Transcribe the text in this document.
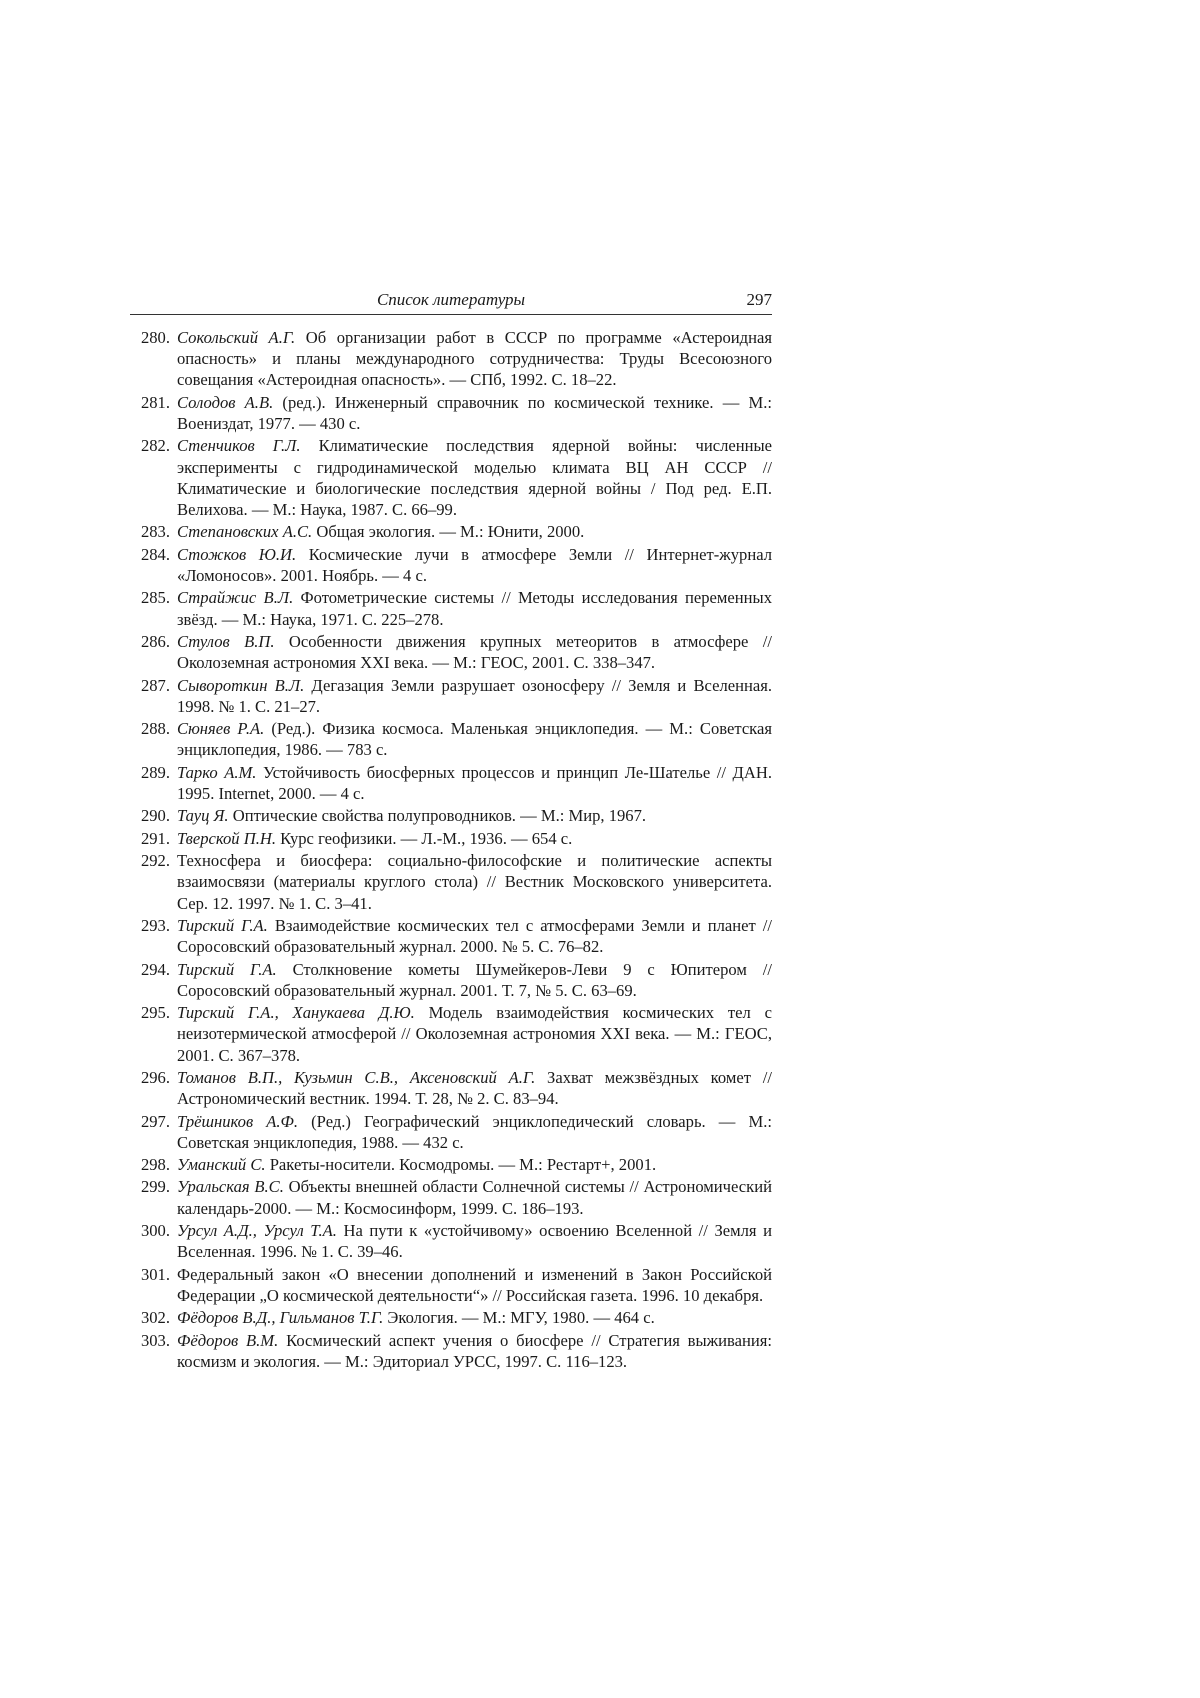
Список литературы	297
280. Сокольский А.Г. Об организации работ в СССР по программе «Астероидная опасность» и планы международного сотрудничества: Труды Всесоюзного совещания «Астероидная опасность». — СПб, 1992. С. 18–22.
281. Солодов А.В. (ред.). Инженерный справочник по космической технике. — М.: Воениздат, 1977. — 430 с.
282. Стенчиков Г.Л. Климатические последствия ядерной войны: численные эксперименты с гидродинамической моделью климата ВЦ АН СССР // Климатические и биологические последствия ядерной войны / Под ред. Е.П. Велихова. — М.: Наука, 1987. С. 66–99.
283. Степановских А.С. Общая экология. — М.: Юнити, 2000.
284. Стожков Ю.И. Космические лучи в атмосфере Земли // Интернет-журнал «Ломоносов». 2001. Ноябрь. — 4 с.
285. Страйжис В.Л. Фотометрические системы // Методы исследования переменных звёзд. — М.: Наука, 1971. С. 225–278.
286. Стулов В.П. Особенности движения крупных метеоритов в атмосфере // Околоземная астрономия XXI века. — М.: ГЕОС, 2001. С. 338–347.
287. Сывороткин В.Л. Дегазация Земли разрушает озоносферу // Земля и Вселенная. 1998. № 1. С. 21–27.
288. Сюняев Р.А. (Ред.). Физика космоса. Маленькая энциклопедия. — М.: Советская энциклопедия, 1986. — 783 с.
289. Тарко А.М. Устойчивость биосферных процессов и принцип Ле-Шателье // ДАН. 1995. Internet, 2000. — 4 с.
290. Тауц Я. Оптические свойства полупроводников. — М.: Мир, 1967.
291. Тверской П.Н. Курс геофизики. — Л.-М., 1936. — 654 с.
292. Техносфера и биосфера: социально-философские и политические аспекты взаимосвязи (материалы круглого стола) // Вестник Московского университета. Сер. 12. 1997. № 1. С. 3–41.
293. Тирский Г.А. Взаимодействие космических тел с атмосферами Земли и планет // Соросовский образовательный журнал. 2000. № 5. С. 76–82.
294. Тирский Г.А. Столкновение кометы Шумейкеров-Леви 9 с Юпитером // Соросовский образовательный журнал. 2001. Т. 7, № 5. С. 63–69.
295. Тирский Г.А., Ханукаева Д.Ю. Модель взаимодействия космических тел с неизотермической атмосферой // Околоземная астрономия XXI века. — М.: ГЕОС, 2001. С. 367–378.
296. Томанов В.П., Кузьмин С.В., Аксеновский А.Г. Захват межзвёздных комет // Астрономический вестник. 1994. Т. 28, № 2. С. 83–94.
297. Трёшников А.Ф. (Ред.) Географический энциклопедический словарь. — М.: Советская энциклопедия, 1988. — 432 с.
298. Уманский С. Ракеты-носители. Космодромы. — М.: Рестарт+, 2001.
299. Уральская В.С. Объекты внешней области Солнечной системы // Астрономический календарь-2000. — М.: Космосинформ, 1999. С. 186–193.
300. Урсул А.Д., Урсул Т.А. На пути к «устойчивому» освоению Вселенной // Земля и Вселенная. 1996. № 1. С. 39–46.
301. Федеральный закон «О внесении дополнений и изменений в Закон Российской Федерации „О космической деятельности“» // Российская газета. 1996. 10 декабря.
302. Фёдоров В.Д., Гильманов Т.Г. Экология. — М.: МГУ, 1980. — 464 с.
303. Фёдоров В.М. Космический аспект учения о биосфере // Стратегия выживания: космизм и экология. — М.: Эдиториал УРСС, 1997. С. 116–123.
